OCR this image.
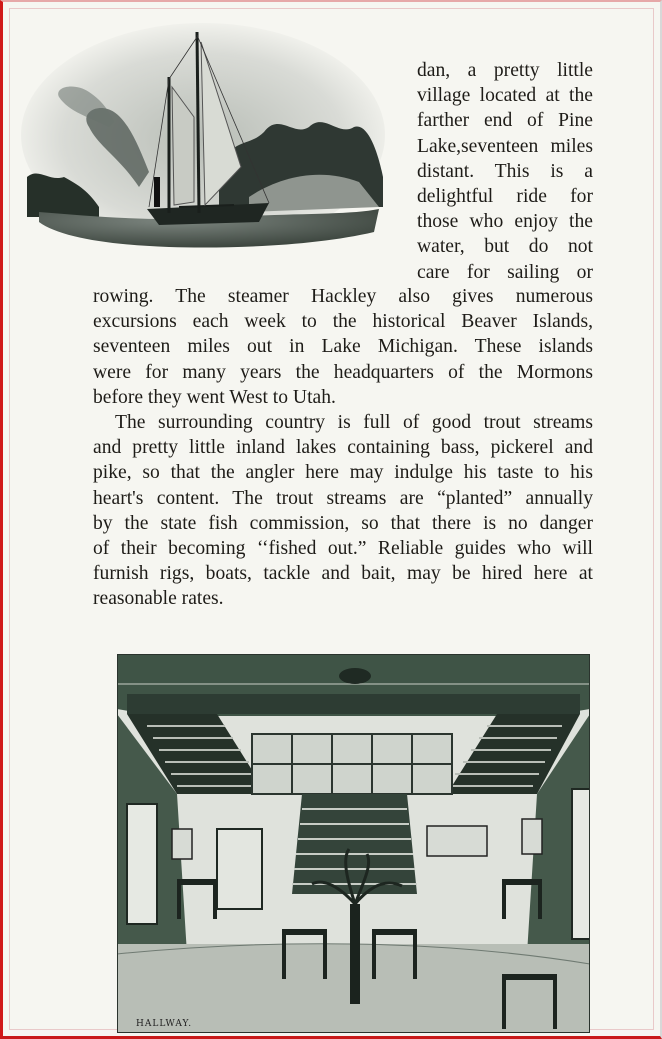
dan, a pretty little
village located at the
farther end of Pine
Lake,seventeen miles
distant. This is a
delightful ride for
those who enjoy the
water, but do not
care for sailing or
rowing. The steamer Hackley also gives numerous
excursions each week to the historical Beaver Islands,
seventeen miles out in Lake Michigan. These islands
were for many years the headquarters of the Mormons
before they went West to Utah.
The surrounding country is full of good trout streams
and pretty little inland lakes containing bass, pickerel and
pike, so that the angler here may indulge his taste to his
heart's content. The trout streams are “planted” annually
by the state fish commission, so that there is no danger
of their becoming ‘‘fished out.” Reliable guides who will
furnish rigs, boats, tackle and bait, may be hired here at
reasonable rates.
HALLWAY.
